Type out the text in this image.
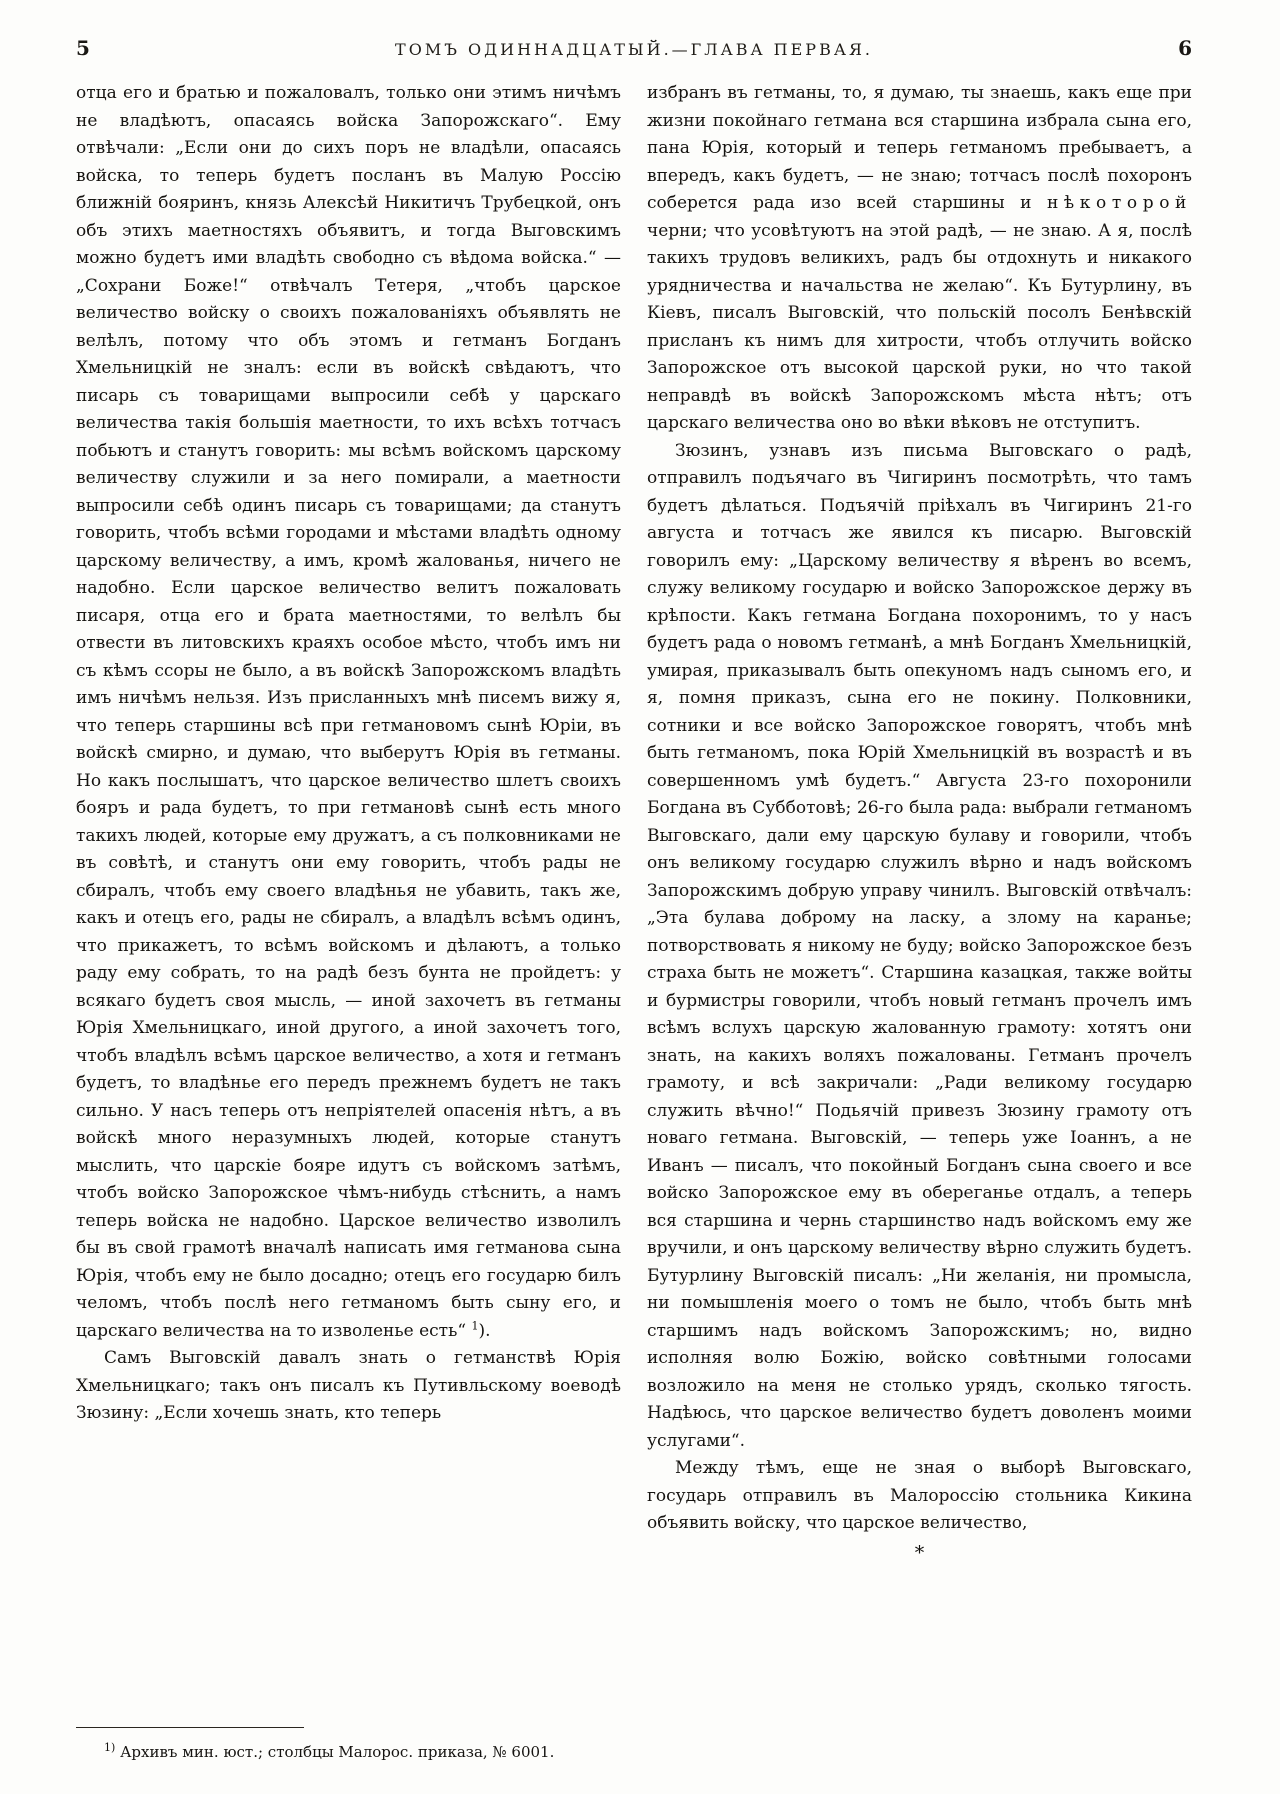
5	ТОМЪ ОДИННАДЦАТЫЙ.—ГЛАВА ПЕРВАЯ.	6

отца его и братью и пожаловалъ, только они этимъ ничѣмъ не владѣютъ, опасаясь войска Запорожскаго“. Ему отвѣчали: „Если они до сихъ поръ не владѣли, опасаясь войска, то теперь будетъ посланъ въ Малую Россію ближній бояринъ, князь Алексѣй Никитичъ Трубецкой, онъ объ этихъ маетностяхъ объявитъ, и тогда Выговскимъ можно будетъ ими владѣть свободно съ вѣдома войска.“ — „Сохрани Боже!“ отвѣчалъ Тетеря, „чтобъ царское величество войску о своихъ пожалованіяхъ объявлять не велѣлъ, потому что объ этомъ и гетманъ Богданъ Хмельницкій не зналъ: если въ войскѣ свѣдаютъ, что писарь съ товарищами выпросили себѣ у царскаго величества такія большія маетности, то ихъ всѣхъ тотчасъ побьютъ и станутъ говорить: мы всѣмъ войскомъ царскому величеству служили и за него помирали, а маетности выпросили себѣ одинъ писарь съ товарищами; да станутъ говорить, чтобъ всѣми городами и мѣстами владѣть одному царскому величеству, а имъ, кромѣ жалованья, ничего не надобно. Если царское величество велитъ пожаловать писаря, отца его и брата маетностями, то велѣлъ бы отвести въ литовскихъ краяхъ особое мѣсто, чтобъ имъ ни съ кѣмъ ссоры не было, а въ войскѣ Запорожскомъ владѣть имъ ничѣмъ нельзя. Изъ присланныхъ мнѣ писемъ вижу я, что теперь старшины всѣ при гетмановомъ сынѣ Юріи, въ войскѣ смирно, и думаю, что выберутъ Юрія въ гетманы. Но какъ послышатъ, что царское величество шлетъ своихъ бояръ и рада будетъ, то при гетмановѣ сынѣ есть много такихъ людей, которые ему дружатъ, а съ полковниками не въ совѣтѣ, и станутъ они ему говорить, чтобъ рады не сбиралъ, чтобъ ему своего владѣнья не убавить, такъ же, какъ и отецъ его, рады не сбиралъ, а владѣлъ всѣмъ одинъ, что прикажетъ, то всѣмъ войскомъ и дѣлаютъ, а только раду ему собрать, то на радѣ безъ бунта не пройдетъ: у всякаго будетъ своя мысль, — иной захочетъ въ гетманы Юрія Хмельницкаго, иной другого, а иной захочетъ того, чтобъ владѣлъ всѣмъ царское величество, а хотя и гетманъ будетъ, то владѣнье его передъ прежнемъ будетъ не такъ сильно. У насъ теперь отъ непріятелей опасенія нѣтъ, а въ войскѣ много неразумныхъ людей, которые станутъ мыслить, что царскіе бояре идутъ съ войскомъ затѣмъ, чтобъ войско Запорожское чѣмъ-нибудь стѣснить, а намъ теперь войска не надобно. Царское величество изволилъ бы въ свой грамотѣ вначалѣ написать имя гетманова сына Юрія, чтобъ ему не было досадно; отецъ его государю билъ челомъ, чтобъ послѣ него гетманомъ быть сыну его, и царскаго величества на то изволенье есть“ $^1$).

Самъ Выговскій давалъ знать о гетманствѣ Юрія Хмельницкаго; такъ онъ писалъ къ Путивльскому воеводѣ Зюзину: „Если хочешь знать, кто теперь

$^{1)}$ Архивъ мин. юст.; столбцы Малорос. приказа, № 6001.

избранъ въ гетманы, то, я думаю, ты знаешь, какъ еще при жизни покойнаго гетмана вся старшина избрала сына его, пана Юрія, который и теперь гетманомъ пребываетъ, а впередъ, какъ будетъ, — не знаю; тотчасъ послѣ похоронъ соберется рада изо всей старшины и нѣкоторой черни; что усовѣтуютъ на этой радѣ, — не знаю. А я, послѣ такихъ трудовъ великихъ, радъ бы отдохнуть и никакого урядничества и начальства не желаю“. Къ Бутурлину, въ Кіевъ, писалъ Выговскій, что польскій посолъ Бенѣвскій присланъ къ нимъ для хитрости, чтобъ отлучить войско Запорожское отъ высокой царской руки, но что такой неправдѣ въ войскѣ Запорожскомъ мѣста нѣтъ; отъ царскаго величества оно во вѣки вѣковъ не отступитъ.

Зюзинъ, узнавъ изъ письма Выговскаго о радѣ, отправилъ подъячаго въ Чигиринъ посмотрѣть, что тамъ будетъ дѣлаться. Подъячій пріѣхалъ въ Чигиринъ 21-го августа и тотчасъ же явился къ писарю. Выговскій говорилъ ему: „Царскому величеству я вѣренъ во всемъ, служу великому государю и войско Запорожское держу въ крѣпости. Какъ гетмана Богдана похоронимъ, то у насъ будетъ рада о новомъ гетманѣ, а мнѣ Богданъ Хмельницкій, умирая, приказывалъ быть опекуномъ надъ сыномъ его, и я, помня приказъ, сына его не покину. Полковники, сотники и все войско Запорожское говорятъ, чтобъ мнѣ быть гетманомъ, пока Юрій Хмельницкій въ возрастѣ и въ совершенномъ умѣ будетъ.“ Августа 23-го похоронили Богдана въ Субботовѣ; 26-го была рада: выбрали гетманомъ Выговскаго, дали ему царскую булаву и говорили, чтобъ онъ великому государю служилъ вѣрно и надъ войскомъ Запорожскимъ добрую управу чинилъ. Выговскій отвѣчалъ: „Эта булава доброму на ласку, а злому на каранье; потворствовать я никому не буду; войско Запорожское безъ страха быть не можетъ“. Старшина казацкая, также войты и бурмистры говорили, чтобъ новый гетманъ прочелъ имъ всѣмъ вслухъ царскую жалованную грамоту: хотятъ они знать, на какихъ воляхъ пожалованы. Гетманъ прочелъ грамоту, и всѣ закричали: „Ради великому государю служить вѣчно!“ Подьячій привезъ Зюзину грамоту отъ новаго гетмана. Выговскій, — теперь уже Іоаннъ, а не Иванъ — писалъ, что покойный Богданъ сына своего и все войско Запорожское ему въ обереганье отдалъ, а теперь вся старшина и чернь старшинство надъ войскомъ ему же вручили, и онъ царскому величеству вѣрно служить будетъ. Бутурлину Выговскій писалъ: „Ни желанія, ни промысла, ни помышленія моего о томъ не было, чтобъ быть мнѣ старшимъ надъ войскомъ Запорожскимъ; но, видно исполняя волю Божію, войско совѣтными голосами возложило на меня не столько урядъ, сколько тягость. Надѣюсь, что царское величество будетъ доволенъ моими услугами“.

Между тѣмъ, еще не зная о выборѣ Выговскаго, государь отправилъ въ Малороссію стольника Кикина объявить войску, что царское величество,

*
